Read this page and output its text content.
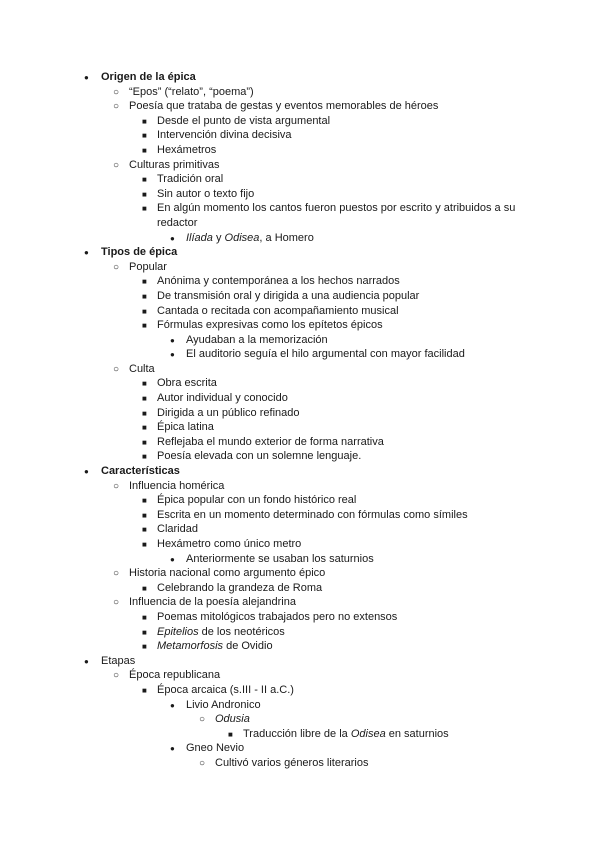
●
Origen de la épica
○
“Epos” (“relato”, “poema”)
○
Poesía que trataba de gestas y eventos memorables de héroes
■
Desde el punto de vista argumental
■
Intervención divina decisiva
■
Hexámetros
○
Culturas primitivas
■
Tradición oral
■
Sin autor o texto fijo
■
En algún momento los cantos fueron puestos por escrito y atribuidos a su redactor
●
Ilíada y Odisea, a Homero
●
Tipos de épica
○
Popular
■
Anónima y contemporánea a los hechos narrados
■
De transmisión oral y dirigida a una audiencia popular
■
Cantada o recitada con acompañamiento musical
■
Fórmulas expresivas como los epítetos épicos
●
Ayudaban a la memorización
●
El auditorio seguía el hilo argumental con mayor facilidad
○
Culta
■
Obra escrita
■
Autor individual y conocido
■
Dirigida a un público refinado
■
Épica latina
■
Reflejaba el mundo exterior de forma narrativa
■
Poesía elevada con un solemne lenguaje.
●
Características
○
Influencia homérica
■
Épica popular con un fondo histórico real
■
Escrita en un momento determinado con fórmulas como símiles
■
Claridad
■
Hexámetro como único metro
●
Anteriormente se usaban los saturnios
○
Historia nacional como argumento épico
■
Celebrando la grandeza de Roma
○
Influencia de la poesía alejandrina
■
Poemas mitológicos trabajados pero no extensos
■
Epitelios de los neotéricos
■
Metamorfosis de Ovidio
●
Etapas
○
Época republicana
■
Época arcaica (s.III - II a.C.)
●
Livio Andronico
○
Odusia
■
Traducción libre de la Odisea en saturnios
●
Gneo Nevio
○
Cultivó varios géneros literarios
